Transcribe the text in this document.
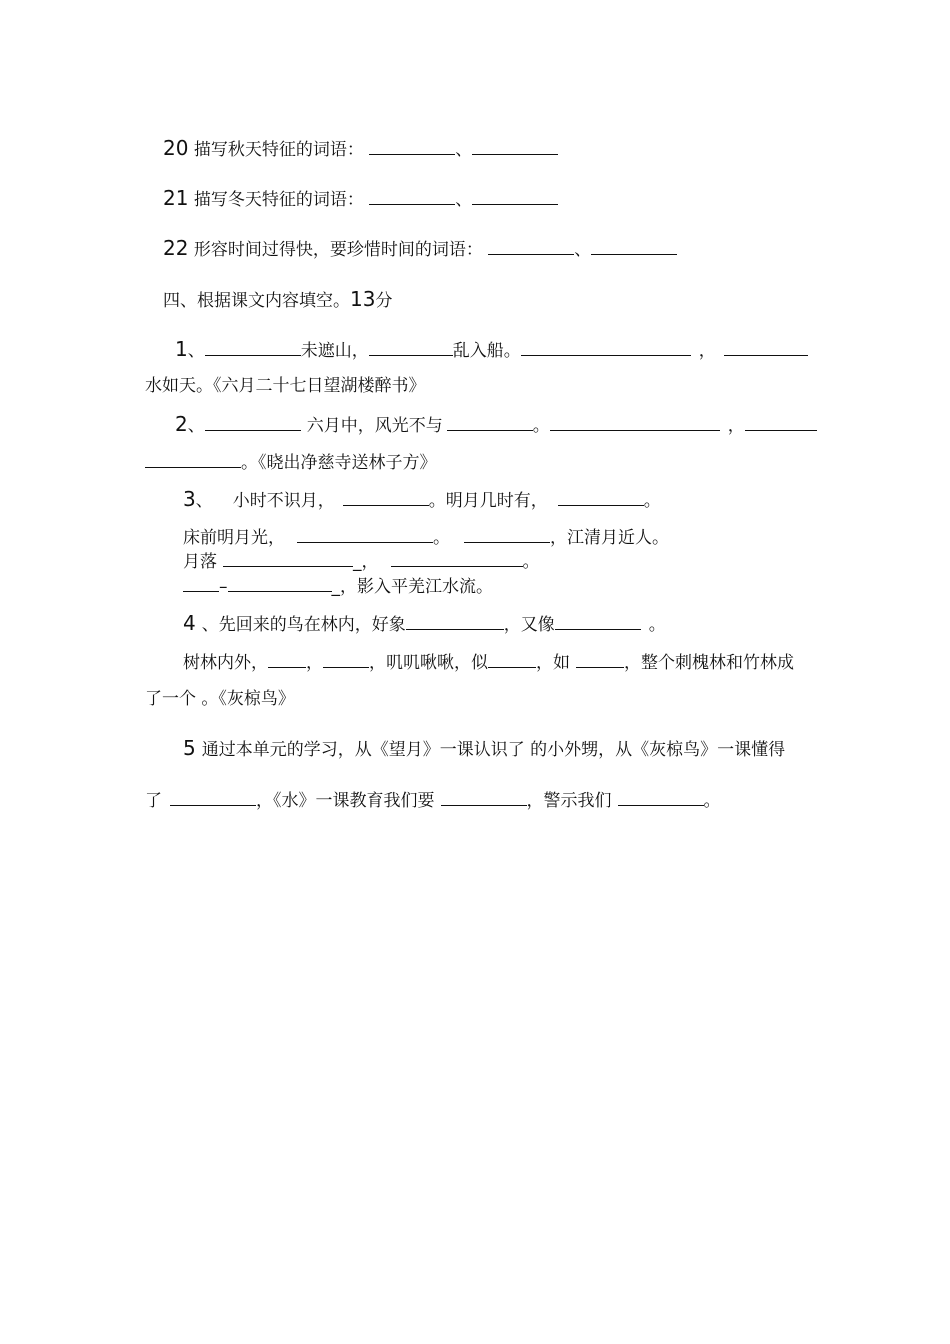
20 描写秋天特征的词语：	、
21 描写冬天特征的词语：	、
22 形容时间过得快，要珍惜时间的词语：	、
四、根据课文内容填空。13分
1、	未遮山，	乱入船。	，
水如天。《六月二十七日望湖楼醉书》
2、	六月中，风光不与	。	，
。《晓出净慈寺送林子方》
3、 小时不识月，	。明月几时有，	。
床前明月光，	。	，江清月近人。
月落	_，	。
–	_，影入平羌江水流。
4 、先回来的鸟在林内，好象	，又像	。
树林内外， ，	，叽叽啾啾，似	，如	，整个刺槐林和竹林成
了一个 。《灰椋鸟》
5 通过本单元的学习，从《望月》一课认识了 的小外甥，从《灰椋鸟》一课懂得
了	，《水》一课教育我们要	，警示我们	。
